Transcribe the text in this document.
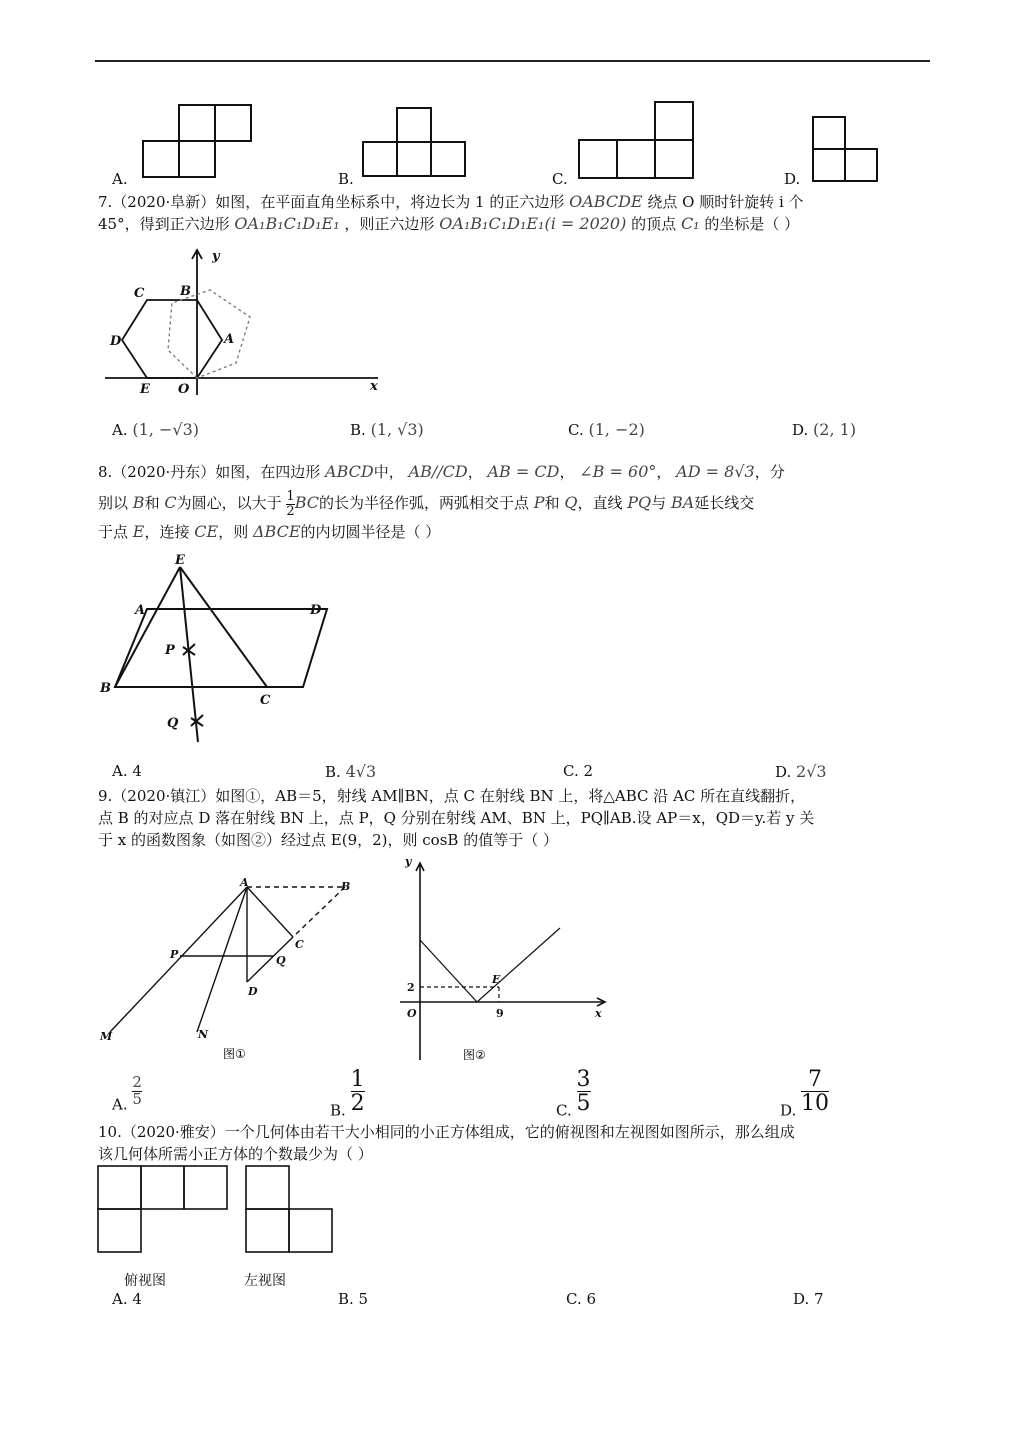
A.	B.	C.	D.
7.（2020·阜新）如图，在平面直角坐标系中，将边长为 1 的正六边形 OABCDE 绕点 O 顺时针旋转 i 个
45°，得到正六边形 OA₁B₁C₁D₁E₁ ，则正六边形 OA₁B₁C₁D₁E₁(i = 2020) 的顶点 C₁ 的坐标是（ ）
y
x
C	B
D	A
E O
A. (1, −√3)	B. (1, √3)	C. (1, −2)	D. (2, 1)
8.（2020·丹东）如图，在四边形 ABCD中， AB//CD， AB = CD， ∠B = 60°， AD = 8√3，分
别以 B和 C为圆心，以大于 $\frac{1}{2}$ BC的长为半径作弧，两弧相交于点 P和 Q，直线 PQ与 BA延长线交
于点 E，连接 CE，则 ΔBCE的内切圆半径是（ ）
E
A	D
P
B
C
Q
A. 4	B. 4√3	C. 2	D. 2√3
9.（2020·镇江）如图①，AB＝5，射线 AM∥BN，点 C 在射线 BN 上，将△ABC 沿 AC 所在直线翻折，
点 B 的对应点 D 落在射线 BN 上，点 P，Q 分别在射线 AM、BN 上，PQ∥AB.设 AP＝x，QD＝y.若 y 关
于 x 的函数图象（如图②）经过点 E(9，2)，则 cosB 的值等于（ ）
A	B
C
P	Q
D
M	N
图①
y
x
O
2
9
E
图②
A. $\frac{2}{5}$
B. $\frac{1}{2}$	C. $\frac{3}{5}$	D. $\frac{7}{10}$
10.（2020·雅安）一个几何体由若干大小相同的小正方体组成，它的俯视图和左视图如图所示，那么组成
该几何体所需小正方体的个数最少为（ ）
俯视图	左视图
A. 4	B. 5	C. 6	D. 7
